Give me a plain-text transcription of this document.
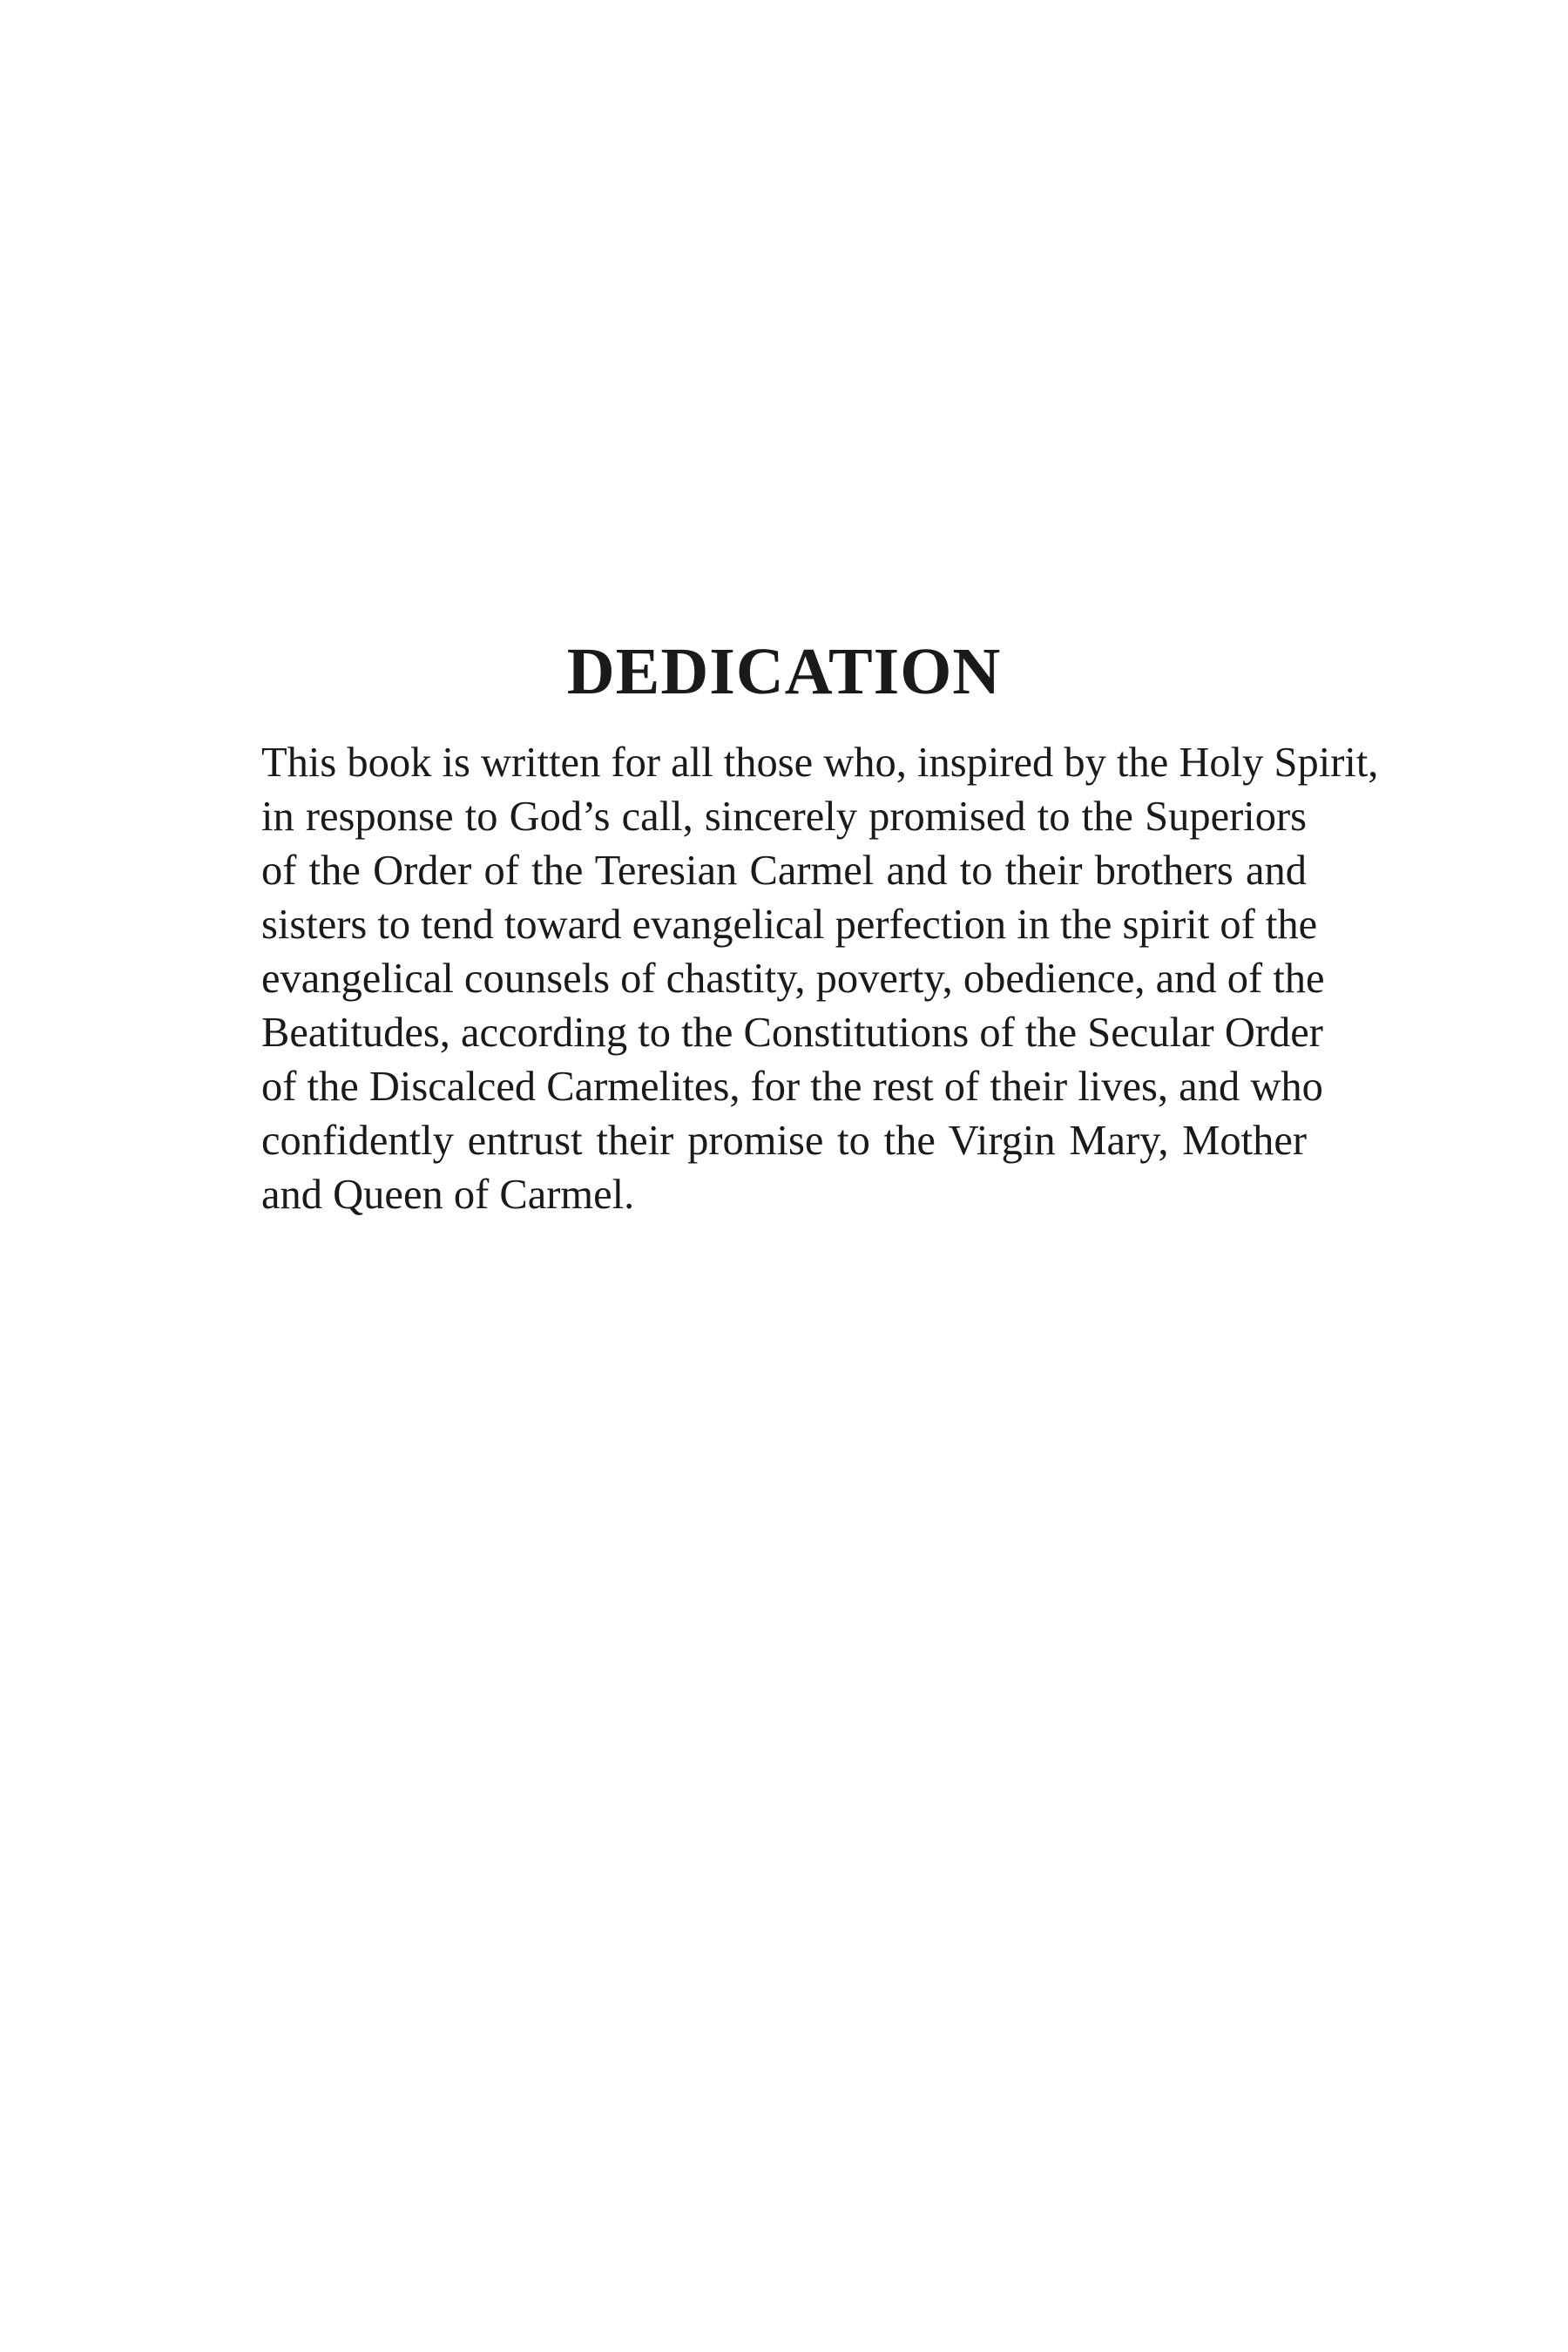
DEDICATION
This book is written for all those who, inspired by the Holy Spirit,
in response to God’s call, sincerely promised to the Superiors
of the Order of the Teresian Carmel and to their brothers and
sisters to tend toward evangelical perfection in the spirit of the
evangelical counsels of chastity, poverty, obedience, and of the
Beatitudes, according to the Constitutions of the Secular Order
of the Discalced Carmelites, for the rest of their lives, and who
confidently entrust their promise to the Virgin Mary, Mother
and Queen of Carmel.
